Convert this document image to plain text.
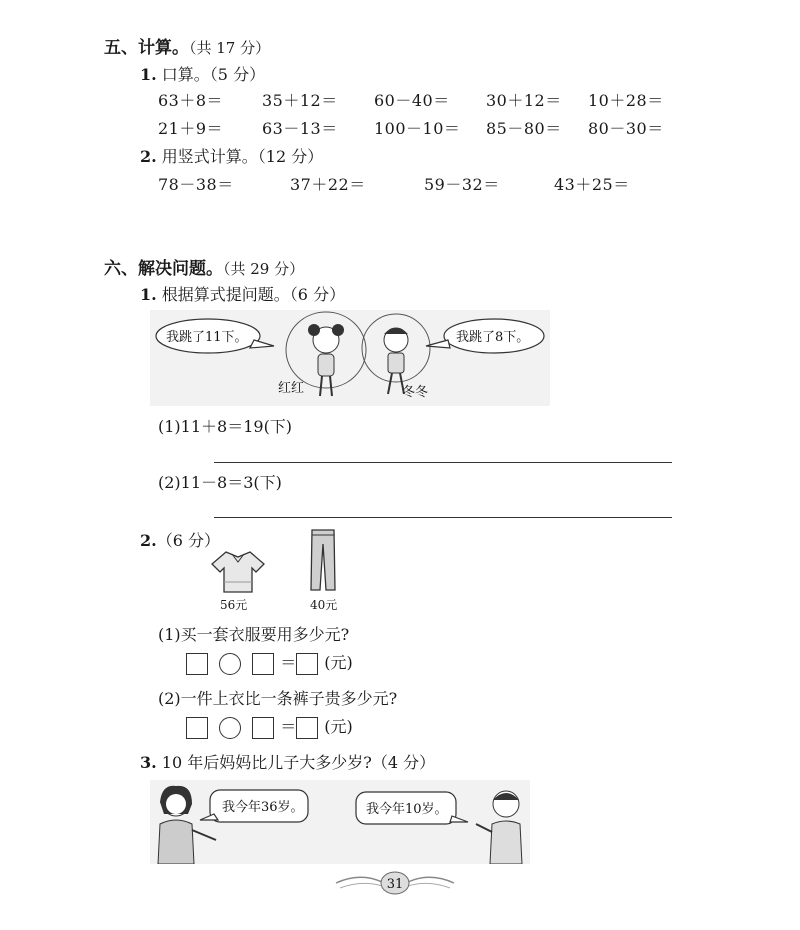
五、计算。（共 17 分）
1. 口算。（5 分）
63＋8＝ 35＋12＝ 60－40＝ 30＋12＝ 10＋28＝
21＋9＝ 63－13＝ 100－10＝ 85－80＝ 80－30＝
2. 用竖式计算。（12 分）
78－38＝	37＋22＝	59－32＝	43＋25＝
六、解决问题。（共 29 分）
1. 根据算式提问题。（6 分）
我跳了11下。
红红	冬冬
我跳了8下。
(1)11＋8＝19(下)
(2)11－8＝3(下)
2.（6 分）
56元	40元
(1)买一套衣服要用多少元?
＝ (元)
(2)一件上衣比一条裤子贵多少元?
＝ (元)
3. 10 年后妈妈比儿子大多少岁?（4 分）
我今年36岁。	我今年10岁。
31
